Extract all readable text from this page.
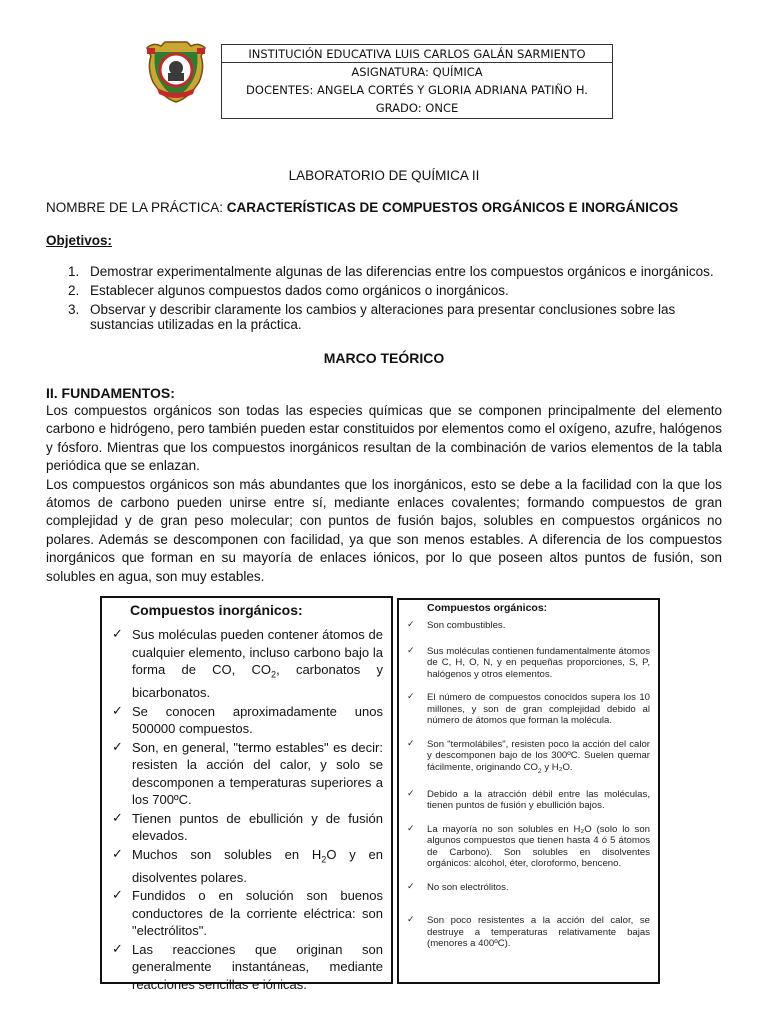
INSTITUCIÓN EDUCATIVA LUIS CARLOS GALÁN SARMIENTO
ASIGNATURA: QUÍMICA
DOCENTES: ANGELA CORTÉS Y GLORIA ADRIANA PATIÑO H.
GRADO: ONCE
LABORATORIO DE QUÍMICA II
NOMBRE DE LA PRÁCTICA: CARACTERÍSTICAS DE COMPUESTOS ORGÁNICOS E INORGÁNICOS
Objetivos:
1. Demostrar experimentalmente algunas de las diferencias entre los compuestos orgánicos e inorgánicos.
2. Establecer algunos compuestos dados como orgánicos o inorgánicos.
3. Observar y describir claramente los cambios y alteraciones para presentar conclusiones sobre las sustancias utilizadas en la práctica.
MARCO TEÓRICO
II. FUNDAMENTOS:

Los compuestos orgánicos son todas las especies químicas que se componen principalmente del elemento carbono e hidrógeno, pero también pueden estar constituidos por elementos como el oxígeno, azufre, halógenos y fósforo. Mientras que los compuestos inorgánicos resultan de la combinación de varios elementos de la tabla periódica que se enlazan.

Los compuestos orgánicos son más abundantes que los inorgánicos, esto se debe a la facilidad con la que los átomos de carbono pueden unirse entre sí, mediante enlaces covalentes; formando compuestos de gran complejidad y de gran peso molecular; con puntos de fusión bajos, solubles en compuestos orgánicos no polares. Además se descomponen con facilidad, ya que son menos estables. A diferencia de los compuestos inorgánicos que forman en su mayoría de enlaces iónicos, por lo que poseen altos puntos de fusión, son solubles en agua, son muy estables.

Compuestos inorgánicos:
✓ Sus moléculas pueden contener átomos de cualquier elemento, incluso carbono bajo la forma de CO, $CO_2$, carbonatos y bicarbonatos.
✓ Se conocen aproximadamente unos 500000 compuestos.
✓ Son, en general, "termo estables" es decir: resisten la acción del calor, y solo se descomponen a temperaturas superiores a los 700ºC.
✓ Tienen puntos de ebullición y de fusión elevados.
✓ Muchos son solubles en $H_2O$ y en disolventes polares.
✓ Fundidos o en solución son buenos conductores de la corriente eléctrica: son "electrólitos".
✓ Las reacciones que originan son generalmente instantáneas, mediante reacciones sencillas e iónicas.
Compuestos orgánicos:
✓ Son combustibles.
✓ Sus moléculas contienen fundamentalmente átomos de C, H, O, N, y en pequeñas proporciones, S, P, halógenos y otros elementos.
✓ El número de compuestos conocidos supera los 10 millones, y son de gran complejidad debido al número de átomos que forman la molécula.
✓ Son "termolábiles", resisten poco la acción del calor y descomponen bajo de los 300ºC. Suelen quemar fácilmente, originando $CO_2$ y H₂O.
✓ Debido a la atracción débil entre las moléculas, tienen puntos de fusión y ebullición bajos.
✓ La mayoría no son solubles en H₂O (solo lo son algunos compuestos que tienen hasta 4 ó 5 átomos de Carbono). Son solubles en disolventes orgánicos: alcohol, éter, cloroformo, benceno.
✓ No son electrólitos.
✓ Son poco resistentes a la acción del calor, se destruye a temperaturas relativamente bajas (menores a 400ºC).
